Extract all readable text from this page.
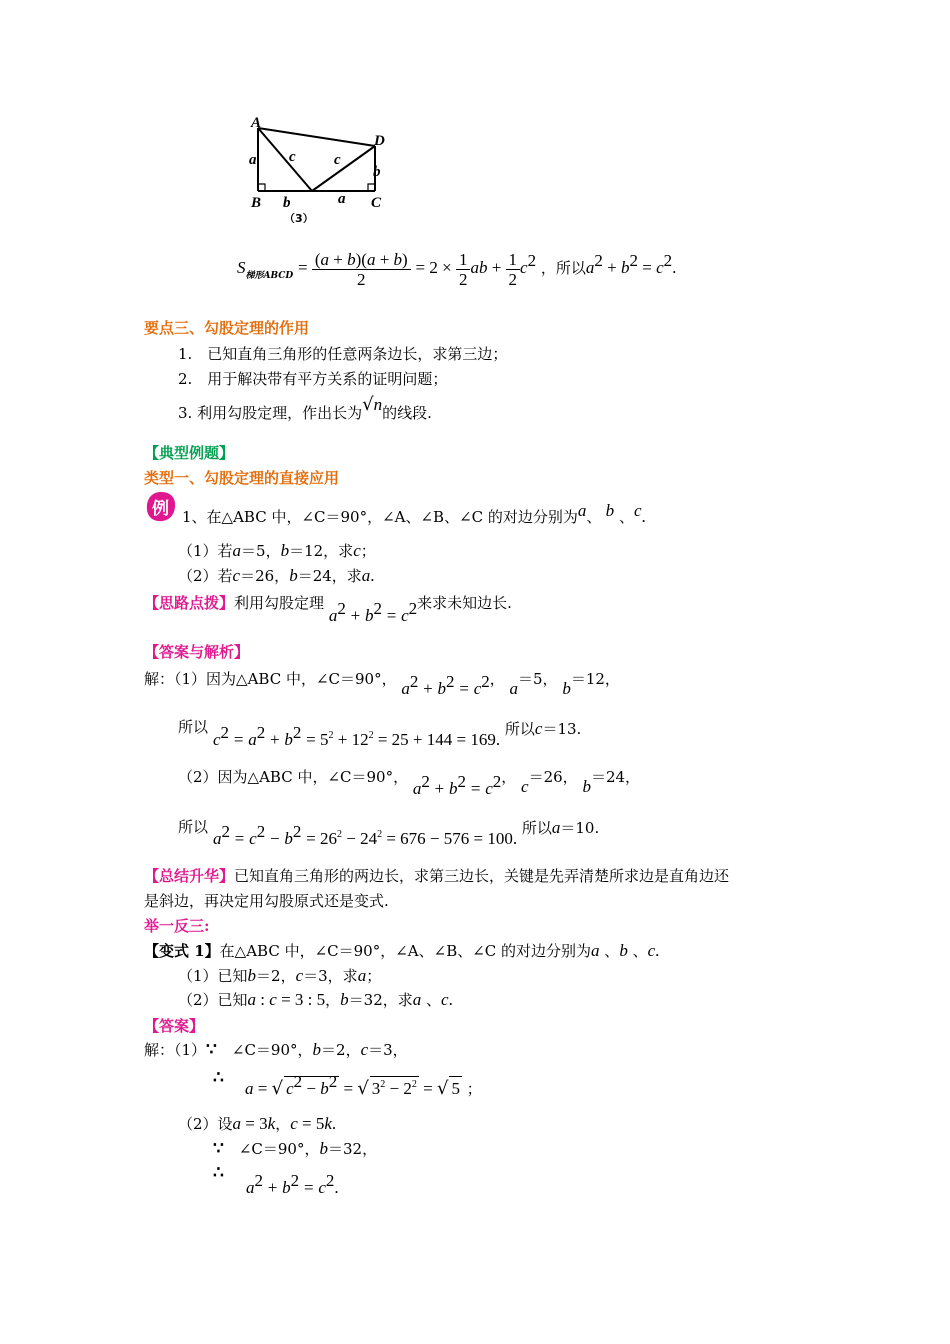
A
D
a c	c
b
B b	a C
（3）
$S_{梯形ABCD} = \frac{(a + b)(a + b)}{2} = 2 \times \frac{1}{2}$ ab + $\frac{1}{2} c^2$ ，所以$a^2 + b^2 = c^2$.
要点三、勾股定理的作用
1.　已知直角三角形的任意两条边长，求第三边；
2.　用于解决带有平方关系的证明问题；
3. 利用勾股定理，作出长为√n的线段.
【典型例题】
类型一、勾股定理的直接应用
例 1、在△ABC 中，∠C＝90°，∠A、∠B、∠C 的对边分别为a、 b 、c.
（1）若a＝5，b＝12，求c；
（2）若c＝26，b＝24，求a.
【思路点拨】利用勾股定理 $a^2 + b^2 = c^2$来求未知边长.
【答案与解析】
解：（1）因为△ABC 中，∠C＝90°， $a^2 + b^2 = c^2$， a＝5， b＝12，
所以
$c^2 = a^2 + b^2 = 5^2 + 12^2 = 25 + 144 = 169$. 所以c＝13.
（2）因为△ABC 中，∠C＝90°， $a^2 + b^2 = c^2$， c＝26， b＝24，
所以
$a^2 = c^2 - b^2 = 26^2 - 24^2 = 676 - 576 = 100$. 所以a＝10.
【总结升华】已知直角三角形的两边长，求第三边长，关键是先弄清楚所求边是直角边还
是斜边，再决定用勾股原式还是变式.
举一反三:
【变式 1】在△ABC 中，∠C＝90°，∠A、∠B、∠C 的对边分别为a 、b 、c.
（1）已知b＝2，c＝3，求a；
（2）已知a : c = 3 : 5，b＝32，求a 、c.
【答案】
解：（1）∵　 ∠C＝90°，b＝2，c＝3，
∴
a = √ $c^2 - b^2$ = √ $3^2 - 2^2$ = √ 5 ；
（2）设a = 3k，c = 5k.
∵　 ∠C＝90°，b＝32，
∴
$a^2 + b^2 = c^2$.
